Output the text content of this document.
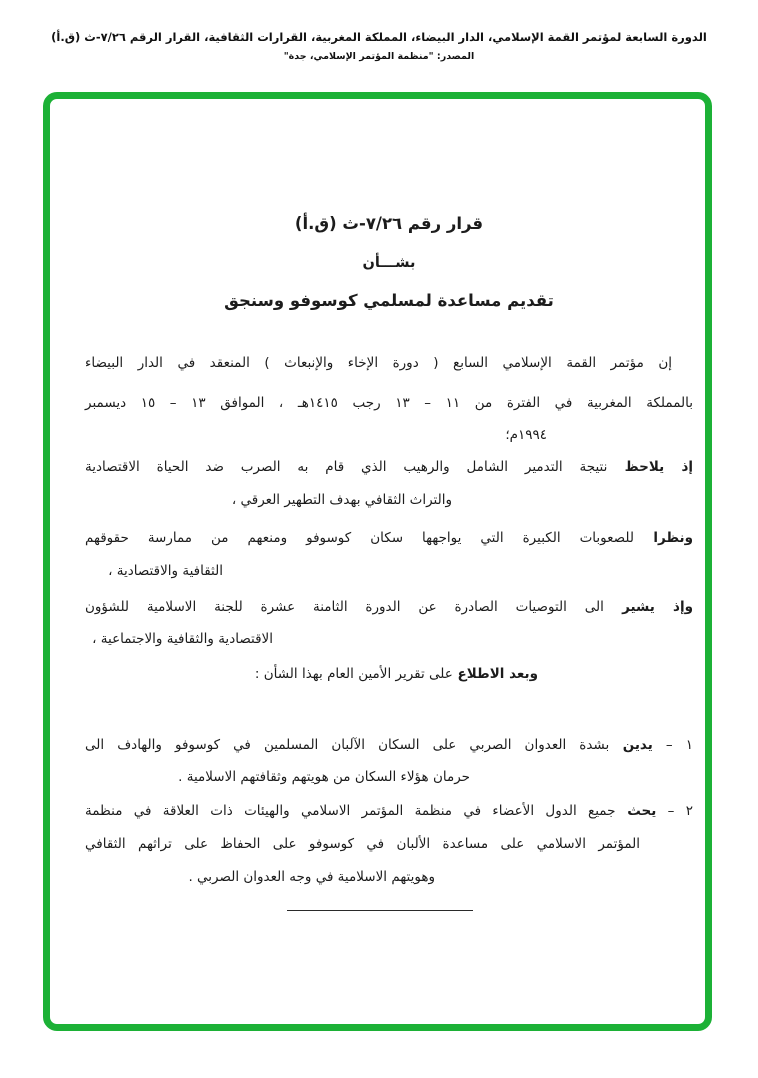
الدورة السابعة لمؤتمر القمة الإسلامي، الدار البيضاء، المملكة المغربية، القرارات الثقافية، القرار الرقم ٧/٢٦-ث (ق.أ)
المصدر: "منظمة المؤتمر الإسلامي، جدة"
قرار رقم ٧/٢٦-ث (ق.أ)
بشـــأن
تقديم مساعدة لمسلمي كوسوفو وسنجق
إن مؤتمر القمة الإسلامي السابع ( دورة الإخاء والإنبعاث ) المنعقد في الدار البيضاء
بالمملكة المغربية في الفترة من ١١ – ١٣ رجب ١٤١٥هـ ، الموافق ١٣ – ١٥ ديسمبر
١٩٩٤م؛
إذ يلاحظ نتيجة التدمير الشامل والرهيب الذي قام به الصرب ضد الحياة الاقتصادية
والتراث الثقافي بهدف التطهير العرقي ،
ونظرا للصعوبات الكبيرة التي يواجهها سكان كوسوفو ومنعهم من ممارسة حقوقهم
الثقافية والاقتصادية ،
وإذ يشير الى التوصيات الصادرة عن الدورة الثامنة عشرة للجنة الاسلامية للشؤون
الاقتصادية والثقافية والاجتماعية ،
وبعد الاطلاع على تقرير الأمين العام بهذا الشأن :
١ – يدين بشدة العدوان الصربي على السكان الآلبان المسلمين في كوسوفو والهادف الى
حرمان هؤلاء السكان من هويتهم وثقافتهم الاسلامية .
٢ – يحث جميع الدول الأعضاء في منظمة المؤتمر الاسلامي والهيئات ذات العلاقة في منظمة
المؤتمر الاسلامي على مساعدة الألبان في كوسوفو على الحفاظ على تراثهم الثقافي
وهويتهم الاسلامية في وجه العدوان الصربي .
